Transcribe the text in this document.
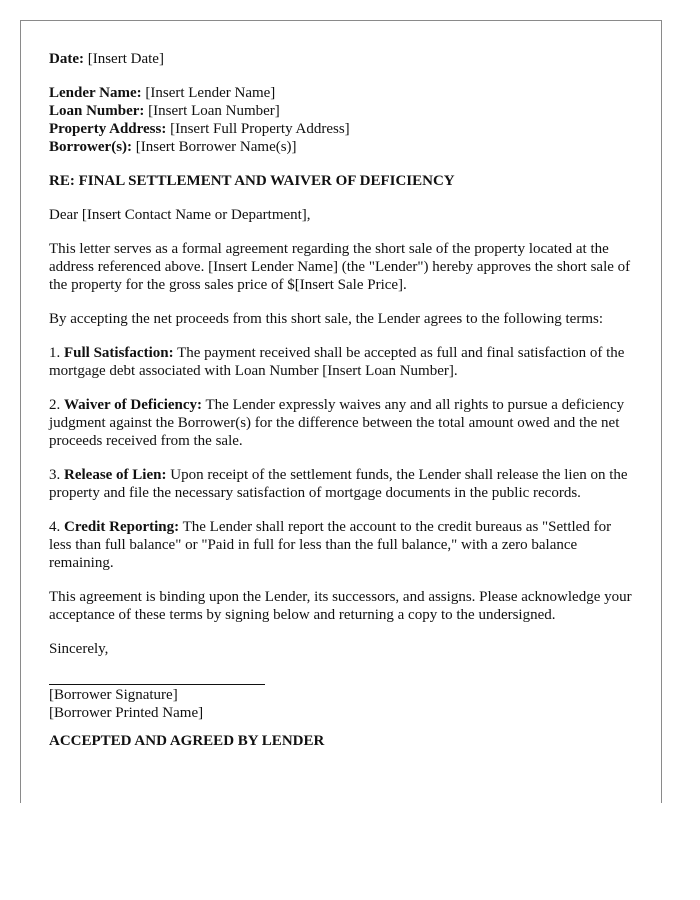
Date: [Insert Date]

Lender Name: [Insert Lender Name]
Loan Number: [Insert Loan Number]
Property Address: [Insert Full Property Address]
Borrower(s): [Insert Borrower Name(s)]
RE: FINAL SETTLEMENT AND WAIVER OF DEFICIENCY

Dear [Insert Contact Name or Department],

This letter serves as a formal agreement regarding the short sale of the property located at the address referenced above. [Insert Lender Name] (the "Lender") hereby approves the short sale of the property for the gross sales price of $[Insert Sale Price].

By accepting the net proceeds from this short sale, the Lender agrees to the following terms:

1. Full Satisfaction: The payment received shall be accepted as full and final satisfaction of the mortgage debt associated with Loan Number [Insert Loan Number].

2. Waiver of Deficiency: The Lender expressly waives any and all rights to pursue a deficiency judgment against the Borrower(s) for the difference between the total amount owed and the net proceeds received from the sale.

3. Release of Lien: Upon receipt of the settlement funds, the Lender shall release the lien on the property and file the necessary satisfaction of mortgage documents in the public records.

4. Credit Reporting: The Lender shall report the account to the credit bureaus as "Settled for less than full balance" or "Paid in full for less than the full balance," with a zero balance remaining.

This agreement is binding upon the Lender, its successors, and assigns. Please acknowledge your acceptance of these terms by signing below and returning a copy to the undersigned.

Sincerely,

[Borrower Signature]
[Borrower Printed Name]
ACCEPTED AND AGREED BY LENDER
